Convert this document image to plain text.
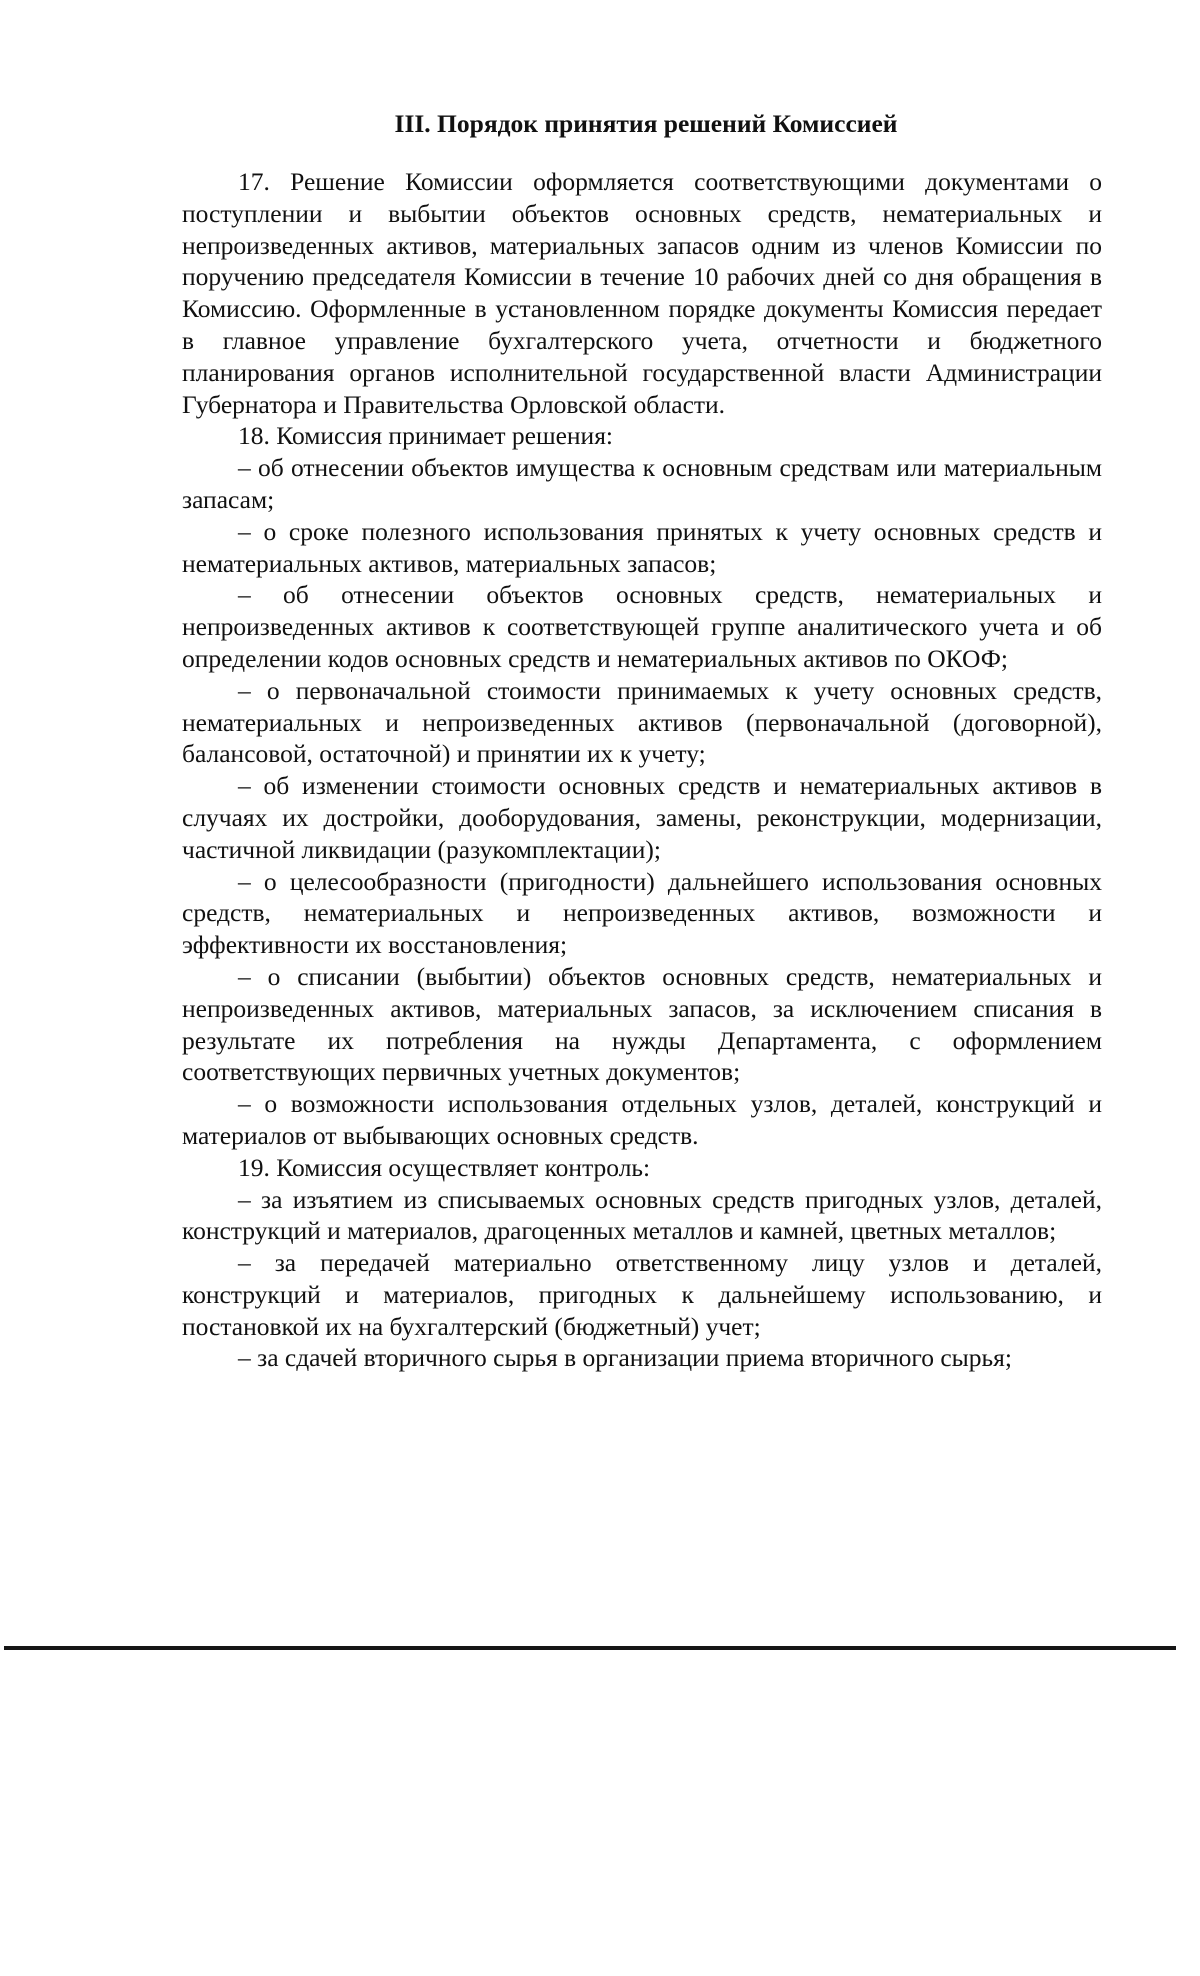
III. Порядок принятия решений Комиссией

17. Решение Комиссии оформляется соответствующими документами о поступлении и выбытии объектов основных средств, нематериальных и непроизведенных активов, материальных запасов одним из членов Комиссии по поручению председателя Комиссии в течение 10 рабочих дней со дня обращения в Комиссию. Оформленные в установленном порядке документы Комиссия передает в главное управление бухгалтерского учета, отчетности и бюджетного планирования органов исполнительной государственной власти Администрации Губернатора и Правительства Орловской области.

18. Комиссия принимает решения:

– об отнесении объектов имущества к основным средствам или материальным запасам;

– о сроке полезного использования принятых к учету основных средств и нематериальных активов, материальных запасов;

– об отнесении объектов основных средств, нематериальных и непроизведенных активов к соответствующей группе аналитического учета и об определении кодов основных средств и нематериальных активов по ОКОФ;

– о первоначальной стоимости принимаемых к учету основных средств, нематериальных и непроизведенных активов (первоначальной (договорной), балансовой, остаточной) и принятии их к учету;

– об изменении стоимости основных средств и нематериальных активов в случаях их достройки, дооборудования, замены, реконструкции, модернизации, частичной ликвидации (разукомплектации);

– о целесообразности (пригодности) дальнейшего использования основных средств, нематериальных и непроизведенных активов, возможности и эффективности их восстановления;

– о списании (выбытии) объектов основных средств, нематериальных и непроизведенных активов, материальных запасов, за исключением списания в результате их потребления на нужды Департамента, с оформлением соответствующих первичных учетных документов;

– о возможности использования отдельных узлов, деталей, конструкций и материалов от выбывающих основных средств.

19. Комиссия осуществляет контроль:

– за изъятием из списываемых основных средств пригодных узлов, деталей, конструкций и материалов, драгоценных металлов и камней, цветных металлов;

– за передачей материально ответственному лицу узлов и деталей, конструкций и материалов, пригодных к дальнейшему использованию, и постановкой их на бухгалтерский (бюджетный) учет;

– за сдачей вторичного сырья в организации приема вторичного сырья;
